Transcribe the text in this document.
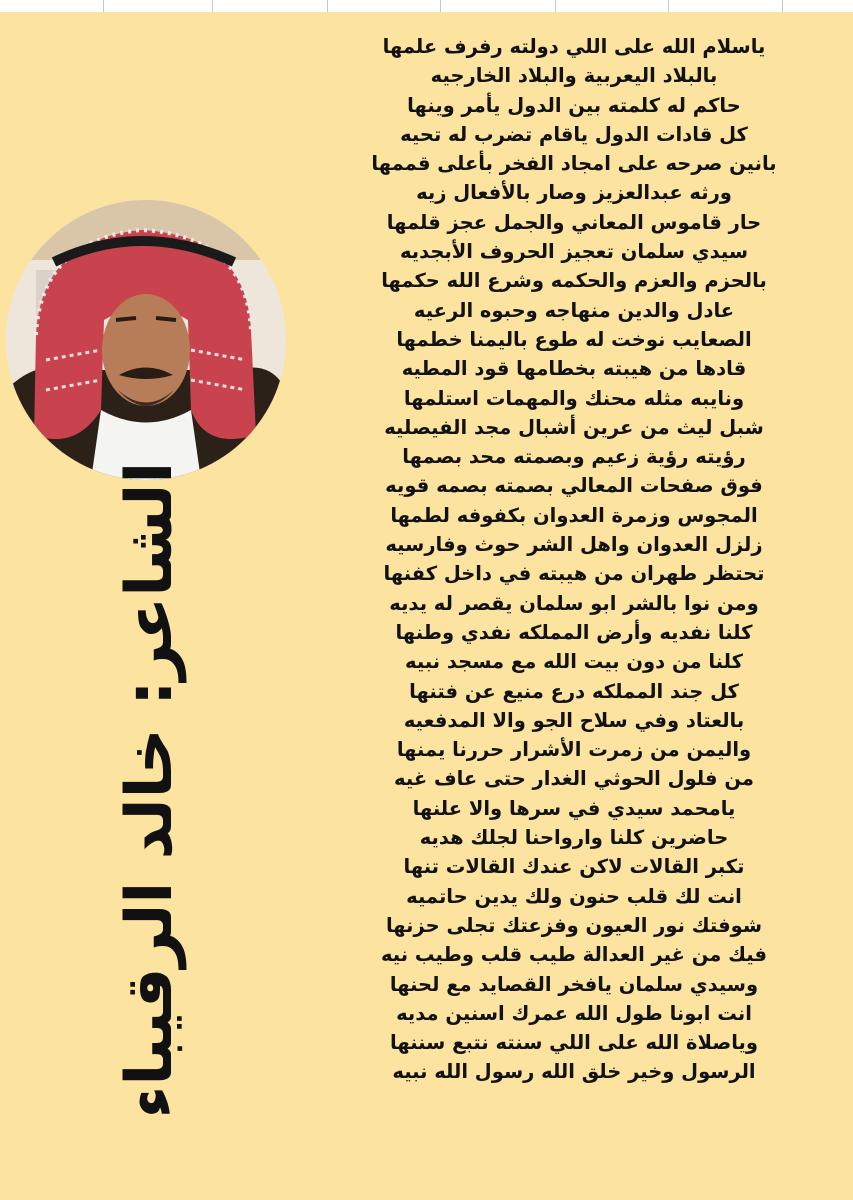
الشاعر: خالد الرقيباء
ياسلام الله على اللي دولته رفرف علمها
بالبلاد اليعربية والبلاد الخارجيه
حاكم له كلمته بين الدول يأمر وينها
كل قادات الدول ياقام تضرب له تحيه
بانين صرحه على امجاد الفخر بأعلى قممها
ورثه عبدالعزيز وصار بالأفعال زيه
حار قاموس المعاني والجمل عجز قلمها
سيدي سلمان تعجيز الحروف الأبجديه
بالحزم والعزم والحكمه وشرع الله حكمها
عادل والدين منهاجه وحبوه الرعيه
الصعايب نوخت له طوع باليمنا خطمها
قادها من هيبته بخطامها قود المطيه
ونايبه مثله محنك والمهمات استلمها
شبل ليث من عرين أشبال مجد الفيصليه
رؤيته رؤية زعيم وبصمته محد بصمها
فوق صفحات المعالي بصمته بصمه قويه
المجوس وزمرة العدوان بكفوفه لطمها
زلزل العدوان واهل الشر حوث وفارسيه
تحتظر طهران من هيبته في داخل كفنها
ومن نوا بالشر ابو سلمان يقصر له يديه
كلنا نفديه وأرض المملكه نفدي وطنها
كلنا من دون بيت الله مع مسجد نبيه
كل جند المملكه درع منيع عن فتنها
بالعتاد وفي سلاح الجو والا المدفعيه
واليمن من زمرت الأشرار حررنا يمنها
من فلول الحوثي الغدار حتى عاف غيه
يامحمد سيدي في سرها والا علنها
حاضرين كلنا وارواحنا لجلك هديه
تكبر القالات لاكن عندك القالات تنها
انت لك قلب حنون ولك يدين حاتميه
شوفتك نور العيون وفزعتك تجلى حزنها
فيك من غير العدالة طيب قلب وطيب نيه
وسيدي سلمان يافخر القصايد مع لحنها
انت ابونا طول الله عمرك اسنين مديه
وياصلاة الله على اللي سنته نتبع سننها
الرسول وخير خلق الله رسول الله نبيه
